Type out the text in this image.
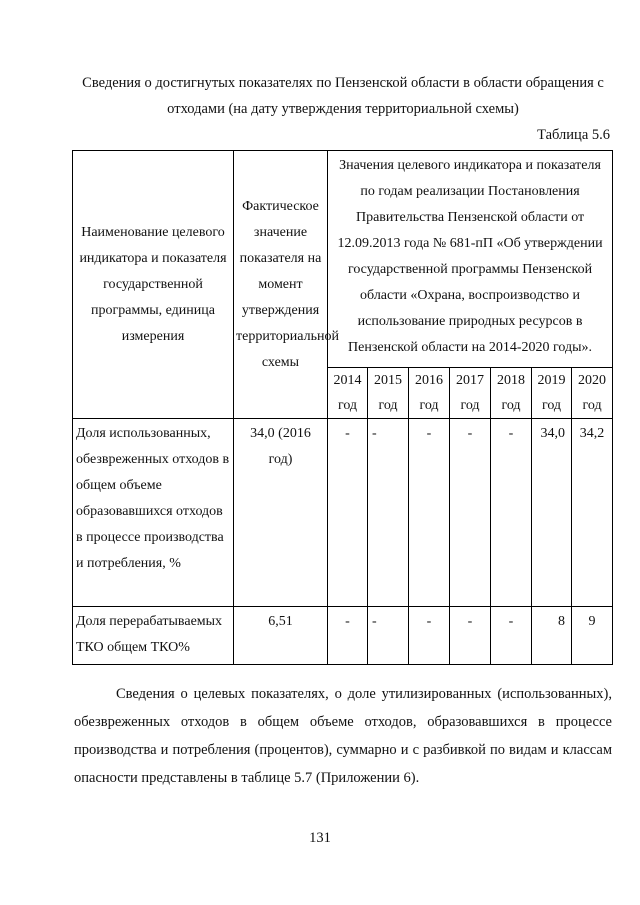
Сведения о достигнутых показателях по Пензенской области в области обращения с отходами (на дату утверждения территориальной схемы)
Таблица 5.6
Наименование целевого индикатора и показателя государственной программы, единица измерения	Фактическое значение показателя на момент утверждения территориальной схемы	Значения целевого индикатора и показателя по годам реализации Постановления Правительства Пензенской области от 12.09.2013 года № 681-пП «Об утверждении государственной программы Пензенской области «Охрана, воспроизводство и использование природных ресурсов в Пензенской области на 2014-2020 годы».						
		2014 год	2015 год	2016 год	2017 год	2018 год	2019 год	2020 год
Доля использованных, обезвреженных отходов в общем объеме образовавшихся отходов в процессе производства и потребления, %	34,0 (2016 год)	-	-	-	-	-	34,0	34,2
Доля перерабатываемых ТКО общем ТКО%	6,51	-	-	-	-	-	8	9
Сведения о целевых показателях, о доле утилизированных (использованных), обезвреженных отходов в общем объеме отходов, образовавшихся в процессе производства и потребления (процентов), суммарно и с разбивкой по видам и классам опасности представлены в таблице 5.7 (Приложении 6).
131
